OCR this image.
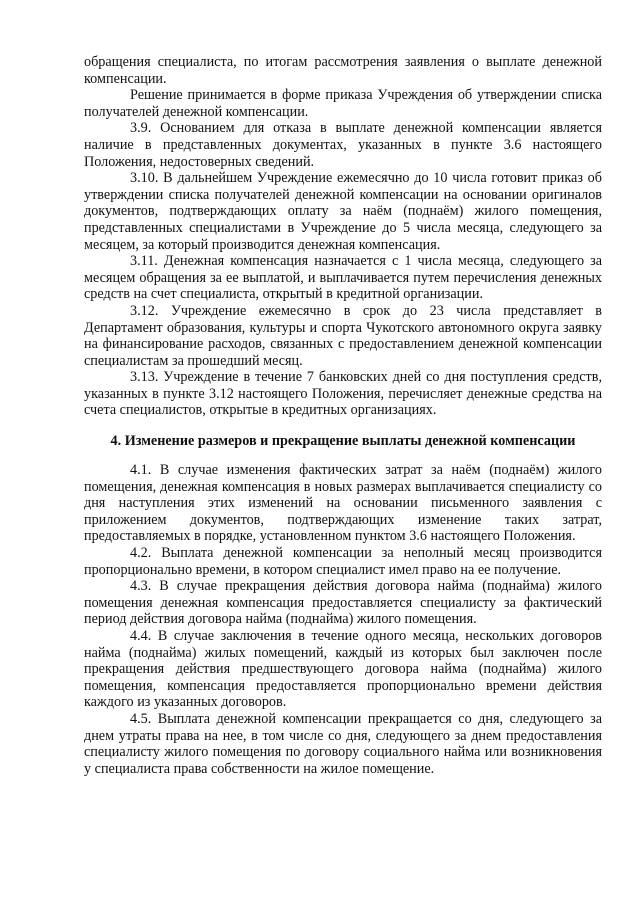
обращения специалиста, по итогам рассмотрения заявления о выплате денежной компенсации.

Решение принимается в форме приказа Учреждения об утверждении списка получателей денежной компенсации.

3.9. Основанием для отказа в выплате денежной компенсации является наличие в представленных документах, указанных в пункте 3.6 настоящего Положения, недостоверных сведений.

3.10. В дальнейшем Учреждение ежемесячно до 10 числа готовит приказ об утверждении списка получателей денежной компенсации на основании оригиналов документов, подтверждающих оплату за наём (поднаём) жилого помещения, представленных специалистами в Учреждение до 5 числа месяца, следующего за месяцем, за который производится денежная компенсация.

3.11. Денежная компенсация назначается с 1 числа месяца, следующего за месяцем обращения за ее выплатой, и выплачивается путем перечисления денежных средств на счет специалиста, открытый в кредитной организации.

3.12. Учреждение ежемесячно в срок до 23 числа представляет в Департамент образования, культуры и спорта Чукотского автономного округа заявку на финансирование расходов, связанных с предоставлением денежной компенсации специалистам за прошедший месяц.

3.13. Учреждение в течение 7 банковских дней со дня поступления средств, указанных в пункте 3.12 настоящего Положения, перечисляет денежные средства на счета специалистов, открытые в кредитных организациях.

4. Изменение размеров и прекращение выплаты денежной компенсации

4.1. В случае изменения фактических затрат за наём (поднаём) жилого помещения, денежная компенсация в новых размерах выплачивается специалисту со дня наступления этих изменений на основании письменного заявления с приложением документов, подтверждающих изменение таких затрат, предоставляемых в порядке, установленном пунктом 3.6 настоящего Положения.

4.2. Выплата денежной компенсации за неполный месяц производится пропорционально времени, в котором специалист имел право на ее получение.

4.3. В случае прекращения действия договора найма (поднайма) жилого помещения денежная компенсация предоставляется специалисту за фактический период действия договора найма (поднайма) жилого помещения.

4.4. В случае заключения в течение одного месяца, нескольких договоров найма (поднайма) жилых помещений, каждый из которых был заключен после прекращения действия предшествующего договора найма (поднайма) жилого помещения, компенсация предоставляется пропорционально времени действия каждого из указанных договоров.

4.5. Выплата денежной компенсации прекращается со дня, следующего за днем утраты права на нее, в том числе со дня, следующего за днем предоставления специалисту жилого помещения по договору социального найма или возникновения у специалиста права собственности на жилое помещение.
